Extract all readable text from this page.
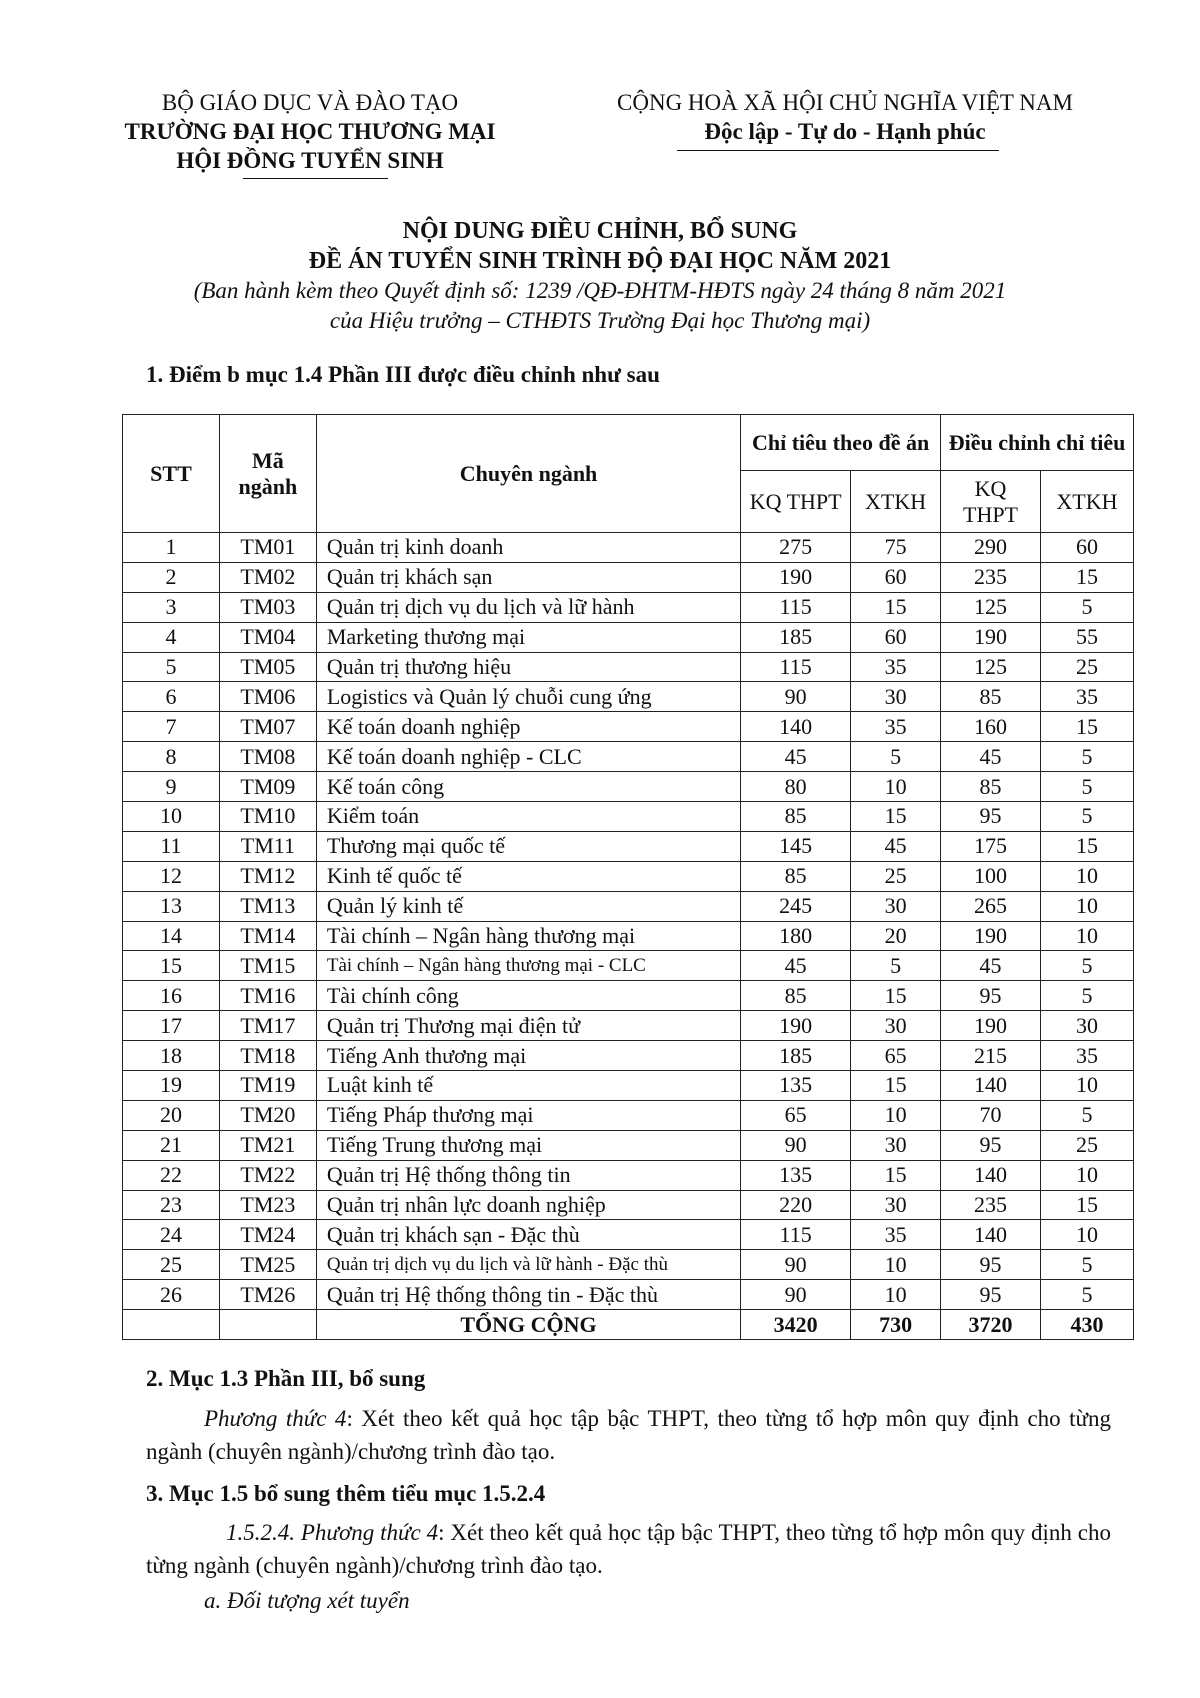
BỘ GIÁO DỤC VÀ ĐÀO TẠO
TRƯỜNG ĐẠI HỌC THƯƠNG MẠI
HỘI ĐỒNG TUYỂN SINH
CỘNG HOÀ XÃ HỘI CHỦ NGHĨA VIỆT NAM
Độc lập - Tự do - Hạnh phúc
NỘI DUNG ĐIỀU CHỈNH, BỔ SUNG
ĐỀ ÁN TUYỂN SINH TRÌNH ĐỘ ĐẠI HỌC NĂM 2021
(Ban hành kèm theo Quyết định số: 1239 /QĐ-ĐHTM-HĐTS ngày 24 tháng 8 năm 2021
của Hiệu trưởng – CTHĐTS Trường Đại học Thương mại)
1. Điểm b mục 1.4 Phần III được điều chỉnh như sau
STT	Mã ngành	Chuyên ngành	Chỉ tiêu theo đề án		Điều chỉnh chỉ tiêu	
			KQ THPT	XTKH	KQ THPT	XTKH
1	TM01	Quản trị kinh doanh	275	75	290	60
2	TM02	Quản trị khách sạn	190	60	235	15
3	TM03	Quản trị dịch vụ du lịch và lữ hành	115	15	125	5
4	TM04	Marketing thương mại	185	60	190	55
5	TM05	Quản trị thương hiệu	115	35	125	25
6	TM06	Logistics và Quản lý chuỗi cung ứng	90	30	85	35
7	TM07	Kế toán doanh nghiệp	140	35	160	15
8	TM08	Kế toán doanh nghiệp - CLC	45	5	45	5
9	TM09	Kế toán công	80	10	85	5
10	TM10	Kiểm toán	85	15	95	5
11	TM11	Thương mại quốc tế	145	45	175	15
12	TM12	Kinh tế quốc tế	85	25	100	10
13	TM13	Quản lý kinh tế	245	30	265	10
14	TM14	Tài chính – Ngân hàng thương mại	180	20	190	10
15	TM15	Tài chính – Ngân hàng thương mại - CLC	45	5	45	5
16	TM16	Tài chính công	85	15	95	5
17	TM17	Quản trị Thương mại điện tử	190	30	190	30
18	TM18	Tiếng Anh thương mại	185	65	215	35
19	TM19	Luật kinh tế	135	15	140	10
20	TM20	Tiếng Pháp thương mại	65	10	70	5
21	TM21	Tiếng Trung thương mại	90	30	95	25
22	TM22	Quản trị Hệ thống thông tin	135	15	140	10
23	TM23	Quản trị nhân lực doanh nghiệp	220	30	235	15
24	TM24	Quản trị khách sạn - Đặc thù	115	35	140	10
25	TM25	Quản trị dịch vụ du lịch và lữ hành - Đặc thù	90	10	95	5
26	TM26	Quản trị Hệ thống thông tin - Đặc thù	90	10	95	5
		TỔNG CỘNG	3420	730	3720	430
2. Mục 1.3 Phần III, bổ sung
Phương thức 4: Xét theo kết quả học tập bậc THPT, theo từng tổ hợp môn quy định cho từng ngành (chuyên ngành)/chương trình đào tạo.
3. Mục 1.5 bổ sung thêm tiểu mục 1.5.2.4
1.5.2.4. Phương thức 4: Xét theo kết quả học tập bậc THPT, theo từng tổ hợp môn quy định cho từng ngành (chuyên ngành)/chương trình đào tạo.
a. Đối tượng xét tuyển
